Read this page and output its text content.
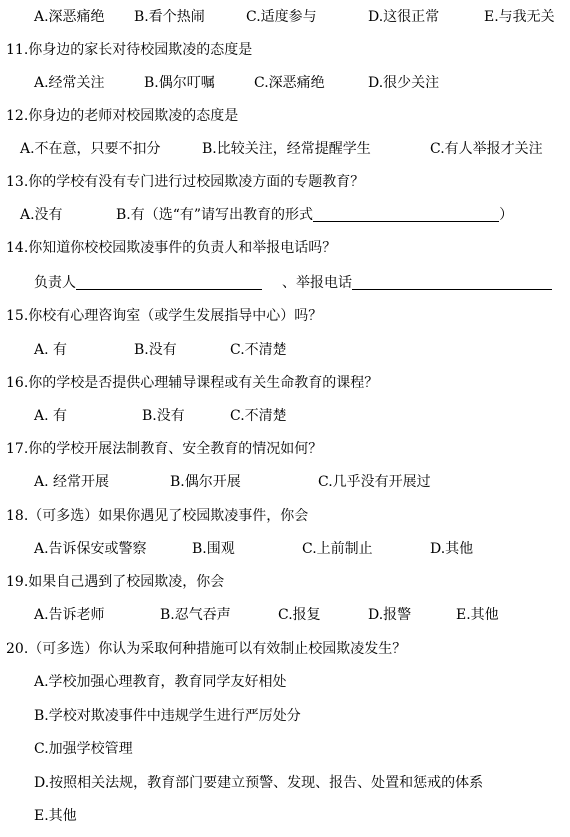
A.深恶痛绝 B.看个热闹	C.适度参与	D.这很正常	E.与我无关
11.你身边的家长对待校园欺凌的态度是
A.经常关注	B.偶尔叮嘱	C.深恶痛绝	D.很少关注
12.你身边的老师对校园欺凌的态度是
A.不在意，只要不扣分	B.比较关注，经常提醒学生	C.有人举报才关注
13.你的学校有没有专门进行过校园欺凌方面的专题教育？
A.没有	B.有（选“有”请写出教育的形式	）
14.你知道你校校园欺凌事件的负责人和举报电话吗？
负责人	、举报电话
15.你校有心理咨询室（或学生发展指导中心）吗？
A. 有	B.没有	C.不清楚
16.你的学校是否提供心理辅导课程或有关生命教育的课程？
A. 有	B.没有	C.不清楚
17.你的学校开展法制教育、安全教育的情况如何？
A. 经常开展	B.偶尔开展	C.几乎没有开展过
18.（可多选）如果你遇见了校园欺凌事件，你会
A.告诉保安或警察	B.围观	C.上前制止	D.其他
19.如果自己遇到了校园欺凌，你会
A.告诉老师	B.忍气吞声	C.报复	D.报警	E.其他
20.（可多选）你认为采取何种措施可以有效制止校园欺凌发生？
A.学校加强心理教育，教育同学友好相处
B.学校对欺凌事件中违规学生进行严厉处分
C.加强学校管理
D.按照相关法规，教育部门要建立预警、发现、报告、处置和惩戒的体系
E.其他
